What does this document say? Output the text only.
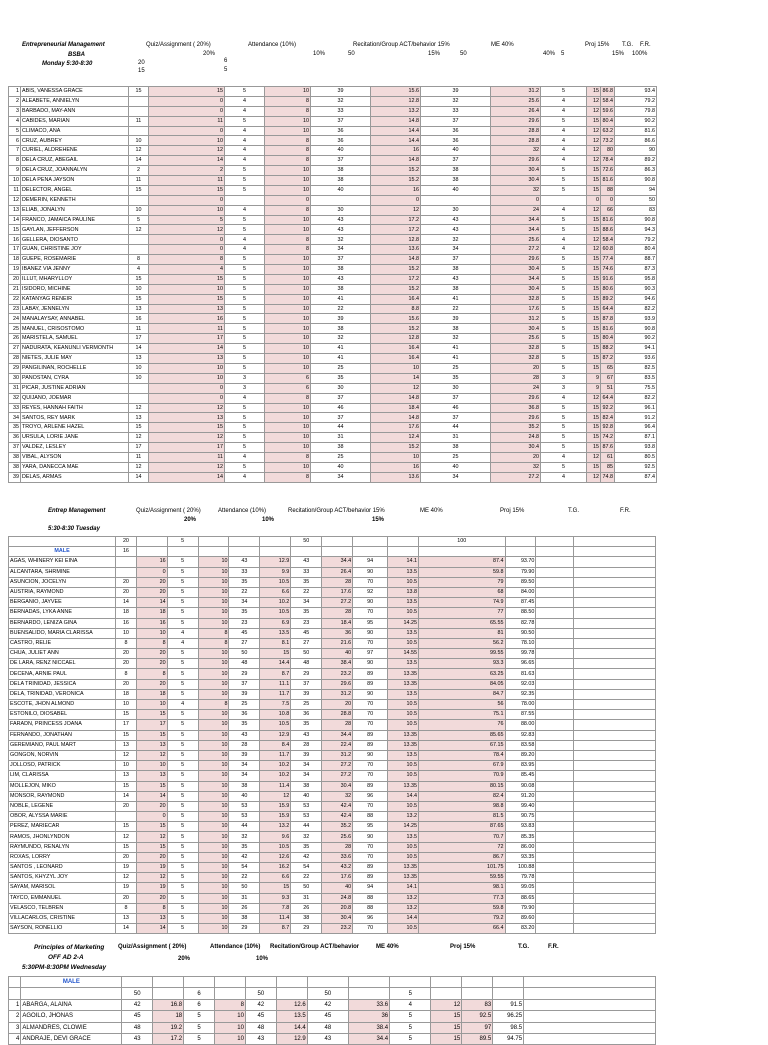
Entrepreneurial Management
BSBA
Monday 5:30-8:30
Quiz/Assignment ( 20%)
20%
Attendance (10%)
10%
Recitation/Group ACT/behavior 15%
50	15%
ME 40%
50	40%
Proj 15%
5
T.G. F.R.
15% 100%
20	6
15	5
1	ABIS, VANESSA GRACE	15	15	5	10	39	15.6	39	31.2	5	15	86.8	93.4
2	ALEABETE, ANNIELYN		0	4	8	32	12.8	32	25.6	4	12	58.4	79.2
3	BARBADO, MAY-ANN		0	4	8	33	13.2	33	26.4	4	12	59.6	79.8
4	CABIDES, MARIAN	11	11	5	10	37	14.8	37	29.6	5	15	80.4	90.2
5	CLIMACO, ANA		0	4	10	36	14.4	36	28.8	4	12	63.2	81.6
6	CRUZ, AUBREY	10	10	4	8	36	14.4	36	28.8	4	12	73.2	86.6
7	CURIEL, ALDREHENE	12	12	4	8	40	16	40	32	4	12	80	90
8	DELA CRUZ, ABEGAIL	14	14	4	8	37	14.8	37	29.6	4	12	78.4	89.2
9	DELA CRUZ, JOANNALYN	2	2	5	10	38	15.2	38	30.4	5	15	72.6	86.3
10	DELA PENA JAYSON	11	11	5	10	38	15.2	38	30.4	5	15	81.6	90.8
11	DELECTOR, ANGEL	15	15	5	10	40	16	40	32	5	15	88	94
12	DEMERIN, KENNETH		0		0		0		0		0	0	50
13	ELIAB, JONALYN	10	10	4	8	30	12	30	24	4	12	66	83
14	FRANCO, JAMAICA PAULINE	5	5	5	10	43	17.2	43	34.4	5	15	81.6	90.8
15	GAYLAN, JEFFERSON	12	12	5	10	43	17.2	43	34.4	5	15	88.6	94.3
16	GELLERA, DIOSANTO		0	4	8	32	12.8	32	25.6	4	12	58.4	79.2
17	GUAN, CHRISTINE JOY		0	4	8	34	13.6	34	27.2	4	12	60.8	80.4
18	GUEPE, ROSEMARIE	8	8	5	10	37	14.8	37	29.6	5	15	77.4	88.7
19	IBANEZ VIA JENNY	4	4	5	10	38	15.2	38	30.4	5	15	74.6	87.3
20	ILLUT, MHARYLLOY	15	15	5	10	43	17.2	43	34.4	5	15	91.6	95.8
21	ISIDORO, MICHINE	10	10	5	10	38	15.2	38	30.4	5	15	80.6	90.3
22	KATANYAG RENEIR	15	15	5	10	41	16.4	41	32.8	5	15	89.2	94.6
23	LABAY, JENNELYN	13	13	5	10	22	8.8	22	17.6	5	15	64.4	82.2
24	MANALAYSAY, ANNABEL	16	16	5	10	39	15.6	39	31.2	5	15	87.8	93.9
25	MANUEL, CRISOSTOMO	11	11	5	10	38	15.2	38	30.4	5	15	81.6	90.8
26	MARISTELA, SAMUEL	17	17	5	10	32	12.8	32	25.6	5	15	80.4	90.2
27	NADURATA, KEANUNLI VERMONTH	14	14	5	10	41	16.4	41	32.8	5	15	88.2	94.1
28	NIETES, JULIE MAY	13	13	5	10	41	16.4	41	32.8	5	15	87.2	93.6
29	PANGILINAN, ROCHELLE	10	10	5	10	25	10	25	20	5	15	65	82.5
30	PANOSTAN, CYRA	10	10	3	6	35	14	35	28	3	9	67	83.5
31	PICAR, JUSTINE ADRIAN		0	3	6	30	12	30	24	3	9	51	75.5
32	QUIJANO, JOEMAR		0	4	8	37	14.8	37	29.6	4	12	64.4	82.2
33	REYES, HANNAH FAITH	12	12	5	10	46	18.4	46	36.8	5	15	92.2	96.1
34	SANTOS, REY MARK	13	13	5	10	37	14.8	37	29.6	5	15	82.4	91.2
35	TROYO, ARLENE HAZEL	15	15	5	10	44	17.6	44	35.2	5	15	92.8	96.4
36	URSULA, LORIE JANE	12	12	5	10	31	12.4	31	24.8	5	15	74.2	87.1
37	VALDEZ, LESLEY	17	17	5	10	38	15.2	38	30.4	5	15	87.6	93.8
38	VIBAL, ALYSON	11	11	4	8	25	10	25	20	4	12	61	80.5
38	YARA, DANECCA MAE	12	12	5	10	40	16	40	32	5	15	85	92.5
39	DELAS, ARMAS	14	14	4	8	34	13.6	34	27.2	4	12	74.8	87.4
Entrep Management
5:30-8:30 Tuesday
Quiz/Assignment ( 20%)
20%
Attendance (10%)
10%
Recitation/Group ACT/behavior 15%
15%
ME 40%	Proj 15%	T.G.	F.R.
	20		5				50				100			
MALE	16													
AGAS, WHINERY KEI EINA		16	5	10	43	12.9	43	34.4	94	14.1	87.4	93.70		
ALCANTARA, SHRMINE		0	5	10	33	9.9	33	26.4	90	13.5	59.8	79.90		
ASUNCION, JOCELYN	20	20	5	10	35	10.5	35	28	70	10.5	79	89.50		
AUSTRIA, RAYMOND	20	20	5	10	22	6.6	22	17.6	92	13.8	68	84.00		
BERGANIO, JAYVEE	14	14	5	10	34	10.2	34	27.2	90	13.5	74.9	87.45		
BERNADAS, LYKA ANNE	18	18	5	10	35	10.5	35	28	70	10.5	77	88.50		
BERNARDO, LENIZA GINA	16	16	5	10	23	6.9	23	18.4	95	14.25	65.55	82.78		
BUENSALIDO, MARIA CLARISSA	10	10	4	8	45	13.5	45	36	90	13.5	81	90.50		
CASTRO, RELIE	8	8	4	8	27	8.1	27	21.6	70	10.5	56.2	78.10		
CHUA, JULIET ANN	20	20	5	10	50	15	50	40	97	14.55	99.55	99.78		
DE LARA, RENZ NICCAEL	20	20	5	10	48	14.4	48	38.4	90	13.5	93.3	96.65		
DECENA, ARNIE PAUL	8	8	5	10	29	8.7	29	23.2	89	13.35	63.25	81.63		
DELA TRINIDAD, JESSICA	20	20	5	10	37	11.1	37	29.6	89	13.35	84.05	92.03		
DELA, TRINIDAD, VERONICA	18	18	5	10	39	11.7	39	31.2	90	13.5	84.7	92.35		
ESCOTE, JHON ALMOND	10	10	4	8	25	7.5	25	20	70	10.5	56	78.00		
ESTONILO, DIOSABEL	15	15	5	10	36	10.8	36	28.8	70	10.5	75.1	87.55		
FARADN, PRINCESS JOANA	17	17	5	10	35	10.5	35	28	70	10.5	76	88.00		
FERNANDO, JONATHAN	15	15	5	10	43	12.9	43	34.4	89	13.35	85.65	92.83		
GEREMIANO, PAUL MART	13	13	5	10	28	8.4	28	22.4	89	13.35	67.15	83.58		
GONGON, NORVIN	12	12	5	10	39	11.7	39	31.2	90	13.5	78.4	89.20		
JOLLOSO, PATRICK	10	10	5	10	34	10.2	34	27.2	70	10.5	67.9	83.95		
LIM, CLARISSA	13	13	5	10	34	10.2	34	27.2	70	10.5	70.9	85.45		
MOLLEJON, MIKO	15	15	5	10	38	11.4	38	30.4	89	13.35	80.15	90.08		
MONSOR, RAYMOND	14	14	5	10	40	12	40	32	96	14.4	82.4	91.20		
NOBLE, LEGENE	20	20	5	10	53	15.9	53	42.4	70	10.5	98.8	99.40		
OBOR, ALYSSA MARIE		0	5	10	53	15.9	53	42.4	88	13.2	81.5	90.75		
PEREZ, MARIECAR	15	15	5	10	44	13.2	44	35.2	95	14.25	87.65	93.83		
RAMOS, JHONLYNDON	12	12	5	10	32	9.6	32	25.6	90	13.5	70.7	85.35		
RAYMUNDO, RENALYN	15	15	5	10	35	10.5	35	28	70	10.5	72	86.00		
ROXAS, LORRY	20	20	5	10	42	12.6	42	33.6	70	10.5	86.7	93.35		
SANTOS , LEONARD	19	19	5	10	54	16.2	54	43.2	89	13.35	101.75	100.88		
SANTOS, KHYZYL JOY	12	12	5	10	22	6.6	22	17.6	89	13.35	59.55	79.78		
SAYAM, MARISOL	19	19	5	10	50	15	50	40	94	14.1	98.1	99.05		
TAYCO, EMMANUEL	20	20	5	10	31	9.3	31	24.8	88	13.2	77.3	88.65		
VELASCO, TELBREN	8	8	5	10	26	7.8	26	20.8	88	13.2	59.8	79.90		
VILLACARLOS, CRISTINE	13	13	5	10	38	11.4	38	30.4	96	14.4	79.2	89.60		
SAYSON, RONELLIO	14	14	5	10	29	8.7	29	23.2	70	10.5	66.4	83.20		
Principles of Marketing
OFF AD 2-A
5:30PM-8:30PM Wednesday
Quiz/Assignment ( 20%)
20%
Attendance (10%)
10%
Recitation/Group ACT/behavior	ME 40%	Proj 15%	T.G.	F.R.
	MALE													
		50		6		50		50		5				
1	ABARGA, ALAINA	42	16.8	6	8	42	12.6	42	33.6	4	12	83	91.5	
2	AGOILO, JHONAS	45	18	5	10	45	13.5	45	36	5	15	92.5	96.25	
3	ALMANDRES, CLOWIE	48	19.2	5	10	48	14.4	48	38.4	5	15	97	98.5	
4	ANDRAJE, DEVI GRACE	43	17.2	5	10	43	12.9	43	34.4	5	15	89.5	94.75	
